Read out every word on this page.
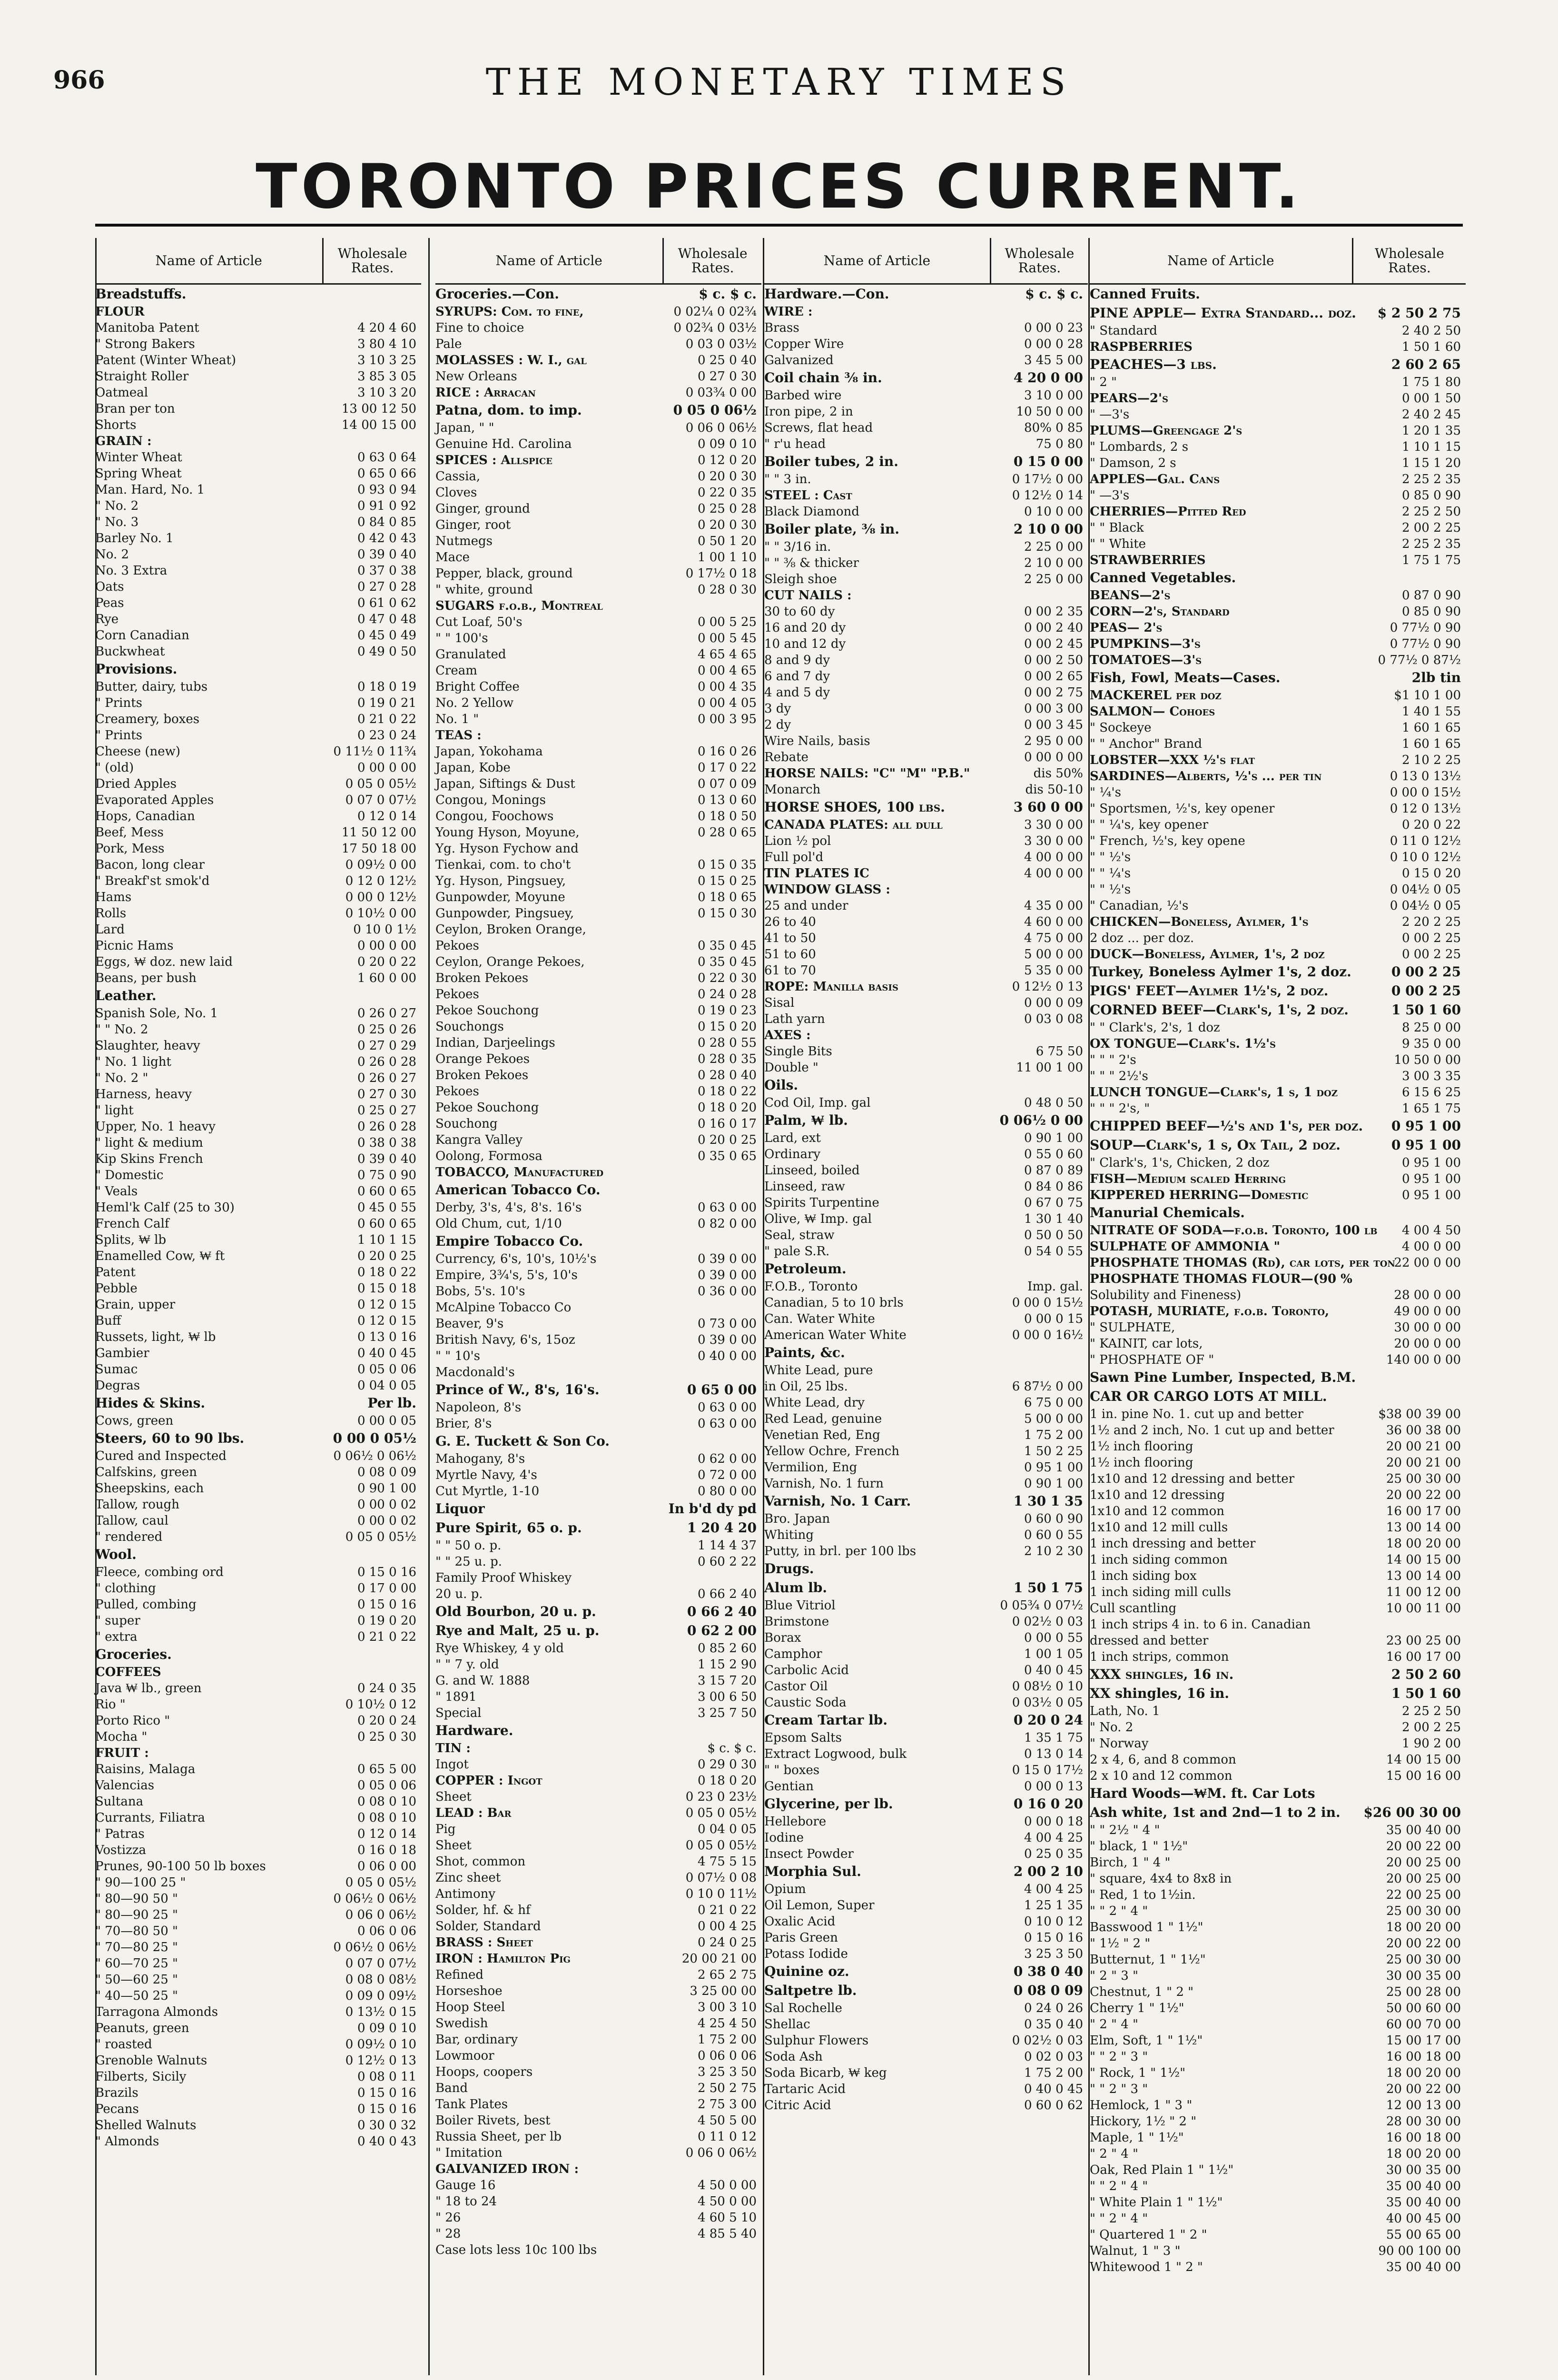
966	THE MONETARY TIMES
TORONTO PRICES CURRENT.
Name of Article	Wholesale Rates.
Breadstuffs.
FLOUR
Manitoba Patent	4 20 4 60
" Strong Bakers	3 80 4 10
Patent (Winter Wheat)	3 10 3 25
Straight Roller	3 85 3 05
Oatmeal	3 10 3 20
Bran per ton	13 00 12 50
Shorts	14 00 15 00
GRAIN :
Winter Wheat	0 63 0 64
Spring Wheat	0 65 0 66
Man. Hard, No. 1	0 93 0 94
" No. 2	0 91 0 92
" No. 3	0 84 0 85
Barley No. 1	0 42 0 43
No. 2	0 39 0 40
No. 3 Extra	0 37 0 38
Oats	0 27 0 28
Peas	0 61 0 62
Rye	0 47 0 48
Corn Canadian	0 45 0 49
Buckwheat	0 49 0 50
Provisions.
Butter, dairy, tubs	0 18 0 19
" Prints	0 19 0 21
Creamery, boxes	0 21 0 22
" Prints	0 23 0 24
Cheese (new)	0 11½ 0 11¾
" (old)	0 00 0 00
Dried Apples	0 05 0 05½
Evaporated Apples	0 07 0 07½
Hops, Canadian	0 12 0 14
Beef, Mess	11 50 12 00
Pork, Mess	17 50 18 00
Bacon, long clear	0 09½ 0 00
" Breakf'st smok'd	0 12 0 12½
Hams	0 00 0 12½
Rolls	0 10½ 0 00
Lard	0 10 0 1½
Picnic Hams	0 00 0 00
Eggs, ₩ doz. new laid	0 20 0 22
Beans, per bush	1 60 0 00
Leather.
Spanish Sole, No. 1	0 26 0 27
" " No. 2	0 25 0 26
Slaughter, heavy	0 27 0 29
" No. 1 light	0 26 0 28
" No. 2 "	0 26 0 27
Harness, heavy	0 27 0 30
" light	0 25 0 27
Upper, No. 1 heavy	0 26 0 28
" light & medium	0 38 0 38
Kip Skins French	0 39 0 40
" Domestic	0 75 0 90
" Veals	0 60 0 65
Heml'k Calf (25 to 30)	0 45 0 55
French Calf	0 60 0 65
Splits, ₩ lb	1 10 1 15
Enamelled Cow, ₩ ft	0 20 0 25
Patent	0 18 0 22
Pebble	0 15 0 18
Grain, upper	0 12 0 15
Buff	0 12 0 15
Russets, light, ₩ lb	0 13 0 16
Gambier	0 40 0 45
Sumac	0 05 0 06
Degras	0 04 0 05
Hides & Skins.	Per lb.
Cows, green	0 00 0 05
Steers, 60 to 90 lbs.	0 00 0 05½
Cured and Inspected	0 06½ 0 06½
Calfskins, green	0 08 0 09
Sheepskins, each	0 90 1 00
Tallow, rough	0 00 0 02
Tallow, caul	0 00 0 02
" rendered	0 05 0 05½
Wool.
Fleece, combing ord	0 15 0 16
" clothing	0 17 0 00
Pulled, combing	0 15 0 16
" super	0 19 0 20
" extra	0 21 0 22
Groceries.
COFFEES
Java ₩ lb., green	0 24 0 35
Rio "	0 10½ 0 12
Porto Rico "	0 20 0 24
Mocha "	0 25 0 30
FRUIT :
Raisins, Malaga	0 65 5 00
Valencias	0 05 0 06
Sultana	0 08 0 10
Currants, Filiatra	0 08 0 10
" Patras	0 12 0 14
Vostizza	0 16 0 18
Prunes, 90-100 50 lb boxes	0 06 0 00
" 90—100 25 "	0 05 0 05½
" 80—90 50 "	0 06½ 0 06½
" 80—90 25 "	0 06 0 06½
" 70—80 50 "	0 06 0 06
" 70—80 25 "	0 06½ 0 06½
" 60—70 25 "	0 07 0 07½
" 50—60 25 "	0 08 0 08½
" 40—50 25 "	0 09 0 09½
Tarragona Almonds	0 13½ 0 15
Peanuts, green	0 09 0 10
" roasted	0 09½ 0 10
Grenoble Walnuts	0 12½ 0 13
Filberts, Sicily	0 08 0 11
Brazils	0 15 0 16
Pecans	0 15 0 16
Shelled Walnuts	0 30 0 32
" Almonds	0 40 0 43
Name of Article	Wholesale Rates.
Groceries.—Con.	$ c. $ c.
SYRUPS: Com. to fine,	0 02¼ 0 02¾
Fine to choice	0 02¾ 0 03½
Pale	0 03 0 03½
MOLASSES : W. I., gal	0 25 0 40
New Orleans	0 27 0 30
RICE : Arracan	0 03¾ 0 00
Patna, dom. to imp.	0 05 0 06½
Japan, " "	0 06 0 06½
Genuine Hd. Carolina	0 09 0 10
SPICES : Allspice	0 12 0 20
Cassia,	0 20 0 30
Cloves	0 22 0 35
Ginger, ground	0 25 0 28
Ginger, root	0 20 0 30
Nutmegs	0 50 1 20
Mace	1 00 1 10
Pepper, black, ground	0 17½ 0 18
" white, ground	0 28 0 30
SUGARS f.o.b., Montreal
Cut Loaf, 50's	0 00 5 25
" " 100's	0 00 5 45
Granulated	4 65 4 65
Cream	0 00 4 65
Bright Coffee	0 00 4 35
No. 2 Yellow	0 00 4 05
No. 1 "	0 00 3 95
TEAS :
Japan, Yokohama	0 16 0 26
Japan, Kobe	0 17 0 22
Japan, Siftings & Dust	0 07 0 09
Congou, Monings	0 13 0 60
Congou, Foochows	0 18 0 50
Young Hyson, Moyune,	0 28 0 65
Yg. Hyson Fychow and
Tienkai, com. to cho't	0 15 0 35
Yg. Hyson, Pingsuey,	0 15 0 25
Gunpowder, Moyune	0 18 0 65
Gunpowder, Pingsuey,	0 15 0 30
Ceylon, Broken Orange,
Pekoes	0 35 0 45
Ceylon, Orange Pekoes,	0 35 0 45
Broken Pekoes	0 22 0 30
Pekoes	0 24 0 28
Pekoe Souchong	0 19 0 23
Souchongs	0 15 0 20
Indian, Darjeelings	0 28 0 55
Orange Pekoes	0 28 0 35
Broken Pekoes	0 28 0 40
Pekoes	0 18 0 22
Pekoe Souchong	0 18 0 20
Souchong	0 16 0 17
Kangra Valley	0 20 0 25
Oolong, Formosa	0 35 0 65
TOBACCO, Manufactured
American Tobacco Co.
Derby, 3's, 4's, 8's. 16's	0 63 0 00
Old Chum, cut, 1/10	0 82 0 00
Empire Tobacco Co.
Currency, 6's, 10's, 10½'s	0 39 0 00
Empire, 3¾'s, 5's, 10's	0 39 0 00
Bobs, 5's. 10's	0 36 0 00
McAlpine Tobacco Co
Beaver, 9's	0 73 0 00
British Navy, 6's, 15oz	0 39 0 00
" " 10's	0 40 0 00
Macdonald's
Prince of W., 8's, 16's.	0 65 0 00
Napoleon, 8's	0 63 0 00
Brier, 8's	0 63 0 00
G. E. Tuckett & Son Co.
Mahogany, 8's	0 62 0 00
Myrtle Navy, 4's	0 72 0 00
Cut Myrtle, 1-10	0 80 0 00
Liquor	In b'd dy pd
Pure Spirit, 65 o. p.	1 20 4 20
" " 50 o. p.	1 14 4 37
" " 25 u. p.	0 60 2 22
Family Proof Whiskey
20 u. p.	0 66 2 40
Old Bourbon, 20 u. p.	0 66 2 40
Rye and Malt, 25 u. p.	0 62 2 00
Rye Whiskey, 4 y old	0 85 2 60
" " 7 y. old	1 15 2 90
G. and W. 1888	3 15 7 20
" 1891	3 00 6 50
Special	3 25 7 50
Hardware.
TIN :	$ c. $ c.
Ingot	0 29 0 30
COPPER : Ingot	0 18 0 20
Sheet	0 23 0 23½
LEAD : Bar	0 05 0 05½
Pig	0 04 0 05
Sheet	0 05 0 05½
Shot, common	4 75 5 15
Zinc sheet	0 07½ 0 08
Antimony	0 10 0 11½
Solder, hf. & hf	0 21 0 22
Solder, Standard	0 00 4 25
BRASS : Sheet	0 24 0 25
IRON : Hamilton Pig	20 00 21 00
Refined	2 65 2 75
Horseshoe	3 25 00 00
Hoop Steel	3 00 3 10
Swedish	4 25 4 50
Bar, ordinary	1 75 2 00
Lowmoor	0 06 0 06
Hoops, coopers	3 25 3 50
Band	2 50 2 75
Tank Plates	2 75 3 00
Boiler Rivets, best	4 50 5 00
Russia Sheet, per lb	0 11 0 12
" Imitation	0 06 0 06½
GALVANIZED IRON :
Gauge 16	4 50 0 00
" 18 to 24	4 50 0 00
" 26	4 60 5 10
" 28	4 85 5 40
Case lots less 10c 100 lbs
Name of Article	Wholesale Rates.
Hardware.—Con.	$ c. $ c.
WIRE :
Brass	0 00 0 23
Copper Wire	0 00 0 28
Galvanized	3 45 5 00
Coil chain ⅜ in.	4 20 0 00
Barbed wire	3 10 0 00
Iron pipe, 2 in	10 50 0 00
Screws, flat head	80% 0 85
" r'u head	75 0 80
Boiler tubes, 2 in.	0 15 0 00
" " 3 in.	0 17½ 0 00
STEEL : Cast	0 12½ 0 14
Black Diamond	0 10 0 00
Boiler plate, ⅜ in.	2 10 0 00
" " 3/16 in.	2 25 0 00
" " ⅜ & thicker	2 10 0 00
Sleigh shoe	2 25 0 00
CUT NAILS :
30 to 60 dy	0 00 2 35
16 and 20 dy	0 00 2 40
10 and 12 dy	0 00 2 45
8 and 9 dy	0 00 2 50
6 and 7 dy	0 00 2 65
4 and 5 dy	0 00 2 75
3 dy	0 00 3 00
2 dy	0 00 3 45
Wire Nails, basis	2 95 0 00
Rebate	0 00 0 00
HORSE NAILS: "C" "M" "P.B."	dis 50%
Monarch	dis 50-10
HORSE SHOES, 100 lbs.	3 60 0 00
CANADA PLATES: all dull	3 30 0 00
Lion ½ pol	3 30 0 00
Full pol'd	4 00 0 00
TIN PLATES IC	4 00 0 00
WINDOW GLASS :
25 and under	4 35 0 00
26 to 40	4 60 0 00
41 to 50	4 75 0 00
51 to 60	5 00 0 00
61 to 70	5 35 0 00
ROPE: Manilla basis	0 12½ 0 13
Sisal	0 00 0 09
Lath yarn	0 03 0 08
AXES :
Single Bits	6 75 50
Double "	11 00 1 00
Oils.
Cod Oil, Imp. gal	0 48 0 50
Palm, ₩ lb.	0 06½ 0 00
Lard, ext	0 90 1 00
Ordinary	0 55 0 60
Linseed, boiled	0 87 0 89
Linseed, raw	0 84 0 86
Spirits Turpentine	0 67 0 75
Olive, ₩ Imp. gal	1 30 1 40
Seal, straw	0 50 0 50
" pale S.R.	0 54 0 55
Petroleum.
F.O.B., Toronto	Imp. gal.
Canadian, 5 to 10 brls	0 00 0 15½
Can. Water White	0 00 0 15
American Water White	0 00 0 16½
Paints, &c.
White Lead, pure
in Oil, 25 lbs.	6 87½ 0 00
White Lead, dry	6 75 0 00
Red Lead, genuine	5 00 0 00
Venetian Red, Eng	1 75 2 00
Yellow Ochre, French	1 50 2 25
Vermilion, Eng	0 95 1 00
Varnish, No. 1 furn	0 90 1 00
Varnish, No. 1 Carr.	1 30 1 35
Bro. Japan	0 60 0 90
Whiting	0 60 0 55
Putty, in brl. per 100 lbs	2 10 2 30
Drugs.
Alum lb.	1 50 1 75
Blue Vitriol	0 05¾ 0 07½
Brimstone	0 02½ 0 03
Borax	0 00 0 55
Camphor	1 00 1 05
Carbolic Acid	0 40 0 45
Castor Oil	0 08½ 0 10
Caustic Soda	0 03½ 0 05
Cream Tartar lb.	0 20 0 24
Epsom Salts	1 35 1 75
Extract Logwood, bulk	0 13 0 14
" " boxes	0 15 0 17½
Gentian	0 00 0 13
Glycerine, per lb.	0 16 0 20
Hellebore	0 00 0 18
Iodine	4 00 4 25
Insect Powder	0 25 0 35
Morphia Sul.	2 00 2 10
Opium	4 00 4 25
Oil Lemon, Super	1 25 1 35
Oxalic Acid	0 10 0 12
Paris Green	0 15 0 16
Potass Iodide	3 25 3 50
Quinine oz.	0 38 0 40
Saltpetre lb.	0 08 0 09
Sal Rochelle	0 24 0 26
Shellac	0 35 0 40
Sulphur Flowers	0 02½ 0 03
Soda Ash	0 02 0 03
Soda Bicarb, ₩ keg	1 75 2 00
Tartaric Acid	0 40 0 45
Citric Acid	0 60 0 62
Name of Article	Wholesale Rates.
Canned Fruits.
PINE APPLE— Extra Standard... doz.	$ 2 50 2 75
" Standard	2 40 2 50
RASPBERRIES	1 50 1 60
PEACHES—3 lbs.	2 60 2 65
" 2 "	1 75 1 80
PEARS—2's	0 00 1 50
" —3's	2 40 2 45
PLUMS—Greengage 2's	1 20 1 35
" Lombards, 2 s	1 10 1 15
" Damson, 2 s	1 15 1 20
APPLES—Gal. Cans	2 25 2 35
" —3's	0 85 0 90
CHERRIES—Pitted Red	2 25 2 50
" " Black	2 00 2 25
" " White	2 25 2 35
STRAWBERRIES	1 75 1 75
Canned Vegetables.
BEANS—2's	0 87 0 90
CORN—2's, Standard	0 85 0 90
PEAS— 2's	0 77½ 0 90
PUMPKINS—3's	0 77½ 0 90
TOMATOES—3's	0 77½ 0 87½
Fish, Fowl, Meats—Cases.	2lb tin
MACKEREL per doz	$1 10 1 00
SALMON— Cohoes	1 40 1 55
" Sockeye	1 60 1 65
" " Anchor" Brand	1 60 1 65
LOBSTER—XXX ½'s flat	2 10 2 25
SARDINES—Alberts, ½'s ... per tin	0 13 0 13½
" ¼'s	0 00 0 15½
" Sportsmen, ½'s, key opener	0 12 0 13½
" " ¼'s, key opener	0 20 0 22
" French, ½'s, key opene	0 11 0 12½
" " ½'s	0 10 0 12½
" " ¼'s	0 15 0 20
" " ½'s	0 04½ 0 05
" Canadian, ½'s	0 04½ 0 05
CHICKEN—Boneless, Aylmer, 1's	2 20 2 25
2 doz ... per doz.	0 00 2 25
DUCK—Boneless, Aylmer, 1's, 2 doz	0 00 2 25
Turkey, Boneless Aylmer 1's, 2 doz.	0 00 2 25
PIGS' FEET—Aylmer 1½'s, 2 doz.	0 00 2 25
CORNED BEEF—Clark's, 1's, 2 doz.	1 50 1 60
" " Clark's, 2's, 1 doz	8 25 0 00
OX TONGUE—Clark's. 1½'s	9 35 0 00
" " " 2's	10 50 0 00
" " " 2½'s	3 00 3 35
LUNCH TONGUE—Clark's, 1 s, 1 doz	6 15 6 25
" " " 2's, "	1 65 1 75
CHIPPED BEEF—½'s and 1's, per doz.	0 95 1 00
SOUP—Clark's, 1 s, Ox Tail, 2 doz.	0 95 1 00
" Clark's, 1's, Chicken, 2 doz	0 95 1 00
FISH—Medium scaled Herring	0 95 1 00
KIPPERED HERRING—Domestic	0 95 1 00
Manurial Chemicals.
NITRATE OF SODA—f.o.b. Toronto, 100 lb	4 00 4 50
SULPHATE OF AMMONIA "	4 00 0 00
PHOSPHATE THOMAS (Rd), car lots, per ton
22 00 0 00
PHOSPHATE THOMAS FLOUR—(90 %
Solubility and Fineness)	28 00 0 00
POTASH, MURIATE, f.o.b. Toronto,	49 00 0 00
" SULPHATE,	30 00 0 00
" KAINIT, car lots,	20 00 0 00
" PHOSPHATE OF "	140 00 0 00
Sawn Pine Lumber, Inspected, B.M.
CAR OR CARGO LOTS AT MILL.
1 in. pine No. 1. cut up and better	$38 00 39 00
1½ and 2 inch, No. 1 cut up and better	36 00 38 00
1½ inch flooring	20 00 21 00
1½ inch flooring	20 00 21 00
1x10 and 12 dressing and better	25 00 30 00
1x10 and 12 dressing	20 00 22 00
1x10 and 12 common	16 00 17 00
1x10 and 12 mill culls	13 00 14 00
1 inch dressing and better	18 00 20 00
1 inch siding common	14 00 15 00
1 inch siding box	13 00 14 00
1 inch siding mill culls	11 00 12 00
Cull scantling	10 00 11 00
1 inch strips 4 in. to 6 in. Canadian
dressed and better	23 00 25 00
1 inch strips, common	16 00 17 00
XXX shingles, 16 in.	2 50 2 60
XX shingles, 16 in.	1 50 1 60
Lath, No. 1	2 25 2 50
" No. 2	2 00 2 25
" Norway	1 90 2 00
2 x 4, 6, and 8 common	14 00 15 00
2 x 10 and 12 common	15 00 16 00
Hard Woods—₩M. ft. Car Lots
Ash white, 1st and 2nd—1 to 2 in.	$26 00 30 00
" " 2½ " 4 "	35 00 40 00
" black, 1 " 1½"	20 00 22 00
Birch, 1 " 4 "	20 00 25 00
" square, 4x4 to 8x8 in	20 00 25 00
" Red, 1 to 1½in.	22 00 25 00
" " 2 " 4 "	25 00 30 00
Basswood 1 " 1½"	18 00 20 00
" 1½ " 2 "	20 00 22 00
Butternut, 1 " 1½"	25 00 30 00
" 2 " 3 "	30 00 35 00
Chestnut, 1 " 2 "	25 00 28 00
Cherry 1 " 1½"	50 00 60 00
" 2 " 4 "	60 00 70 00
Elm, Soft, 1 " 1½"	15 00 17 00
" " 2 " 3 "	16 00 18 00
" Rock, 1 " 1½"	18 00 20 00
" " 2 " 3 "	20 00 22 00
Hemlock, 1 " 3 "	12 00 13 00
Hickory, 1½ " 2 "	28 00 30 00
Maple, 1 " 1½"	16 00 18 00
" 2 " 4 "	18 00 20 00
Oak, Red Plain 1 " 1½"	30 00 35 00
" " 2 " 4 "	35 00 40 00
" White Plain 1 " 1½"	35 00 40 00
" " 2 " 4 "	40 00 45 00
" Quartered 1 " 2 "	55 00 65 00
Walnut, 1 " 3 "	90 00 100 00
Whitewood 1 " 2 "	35 00 40 00
